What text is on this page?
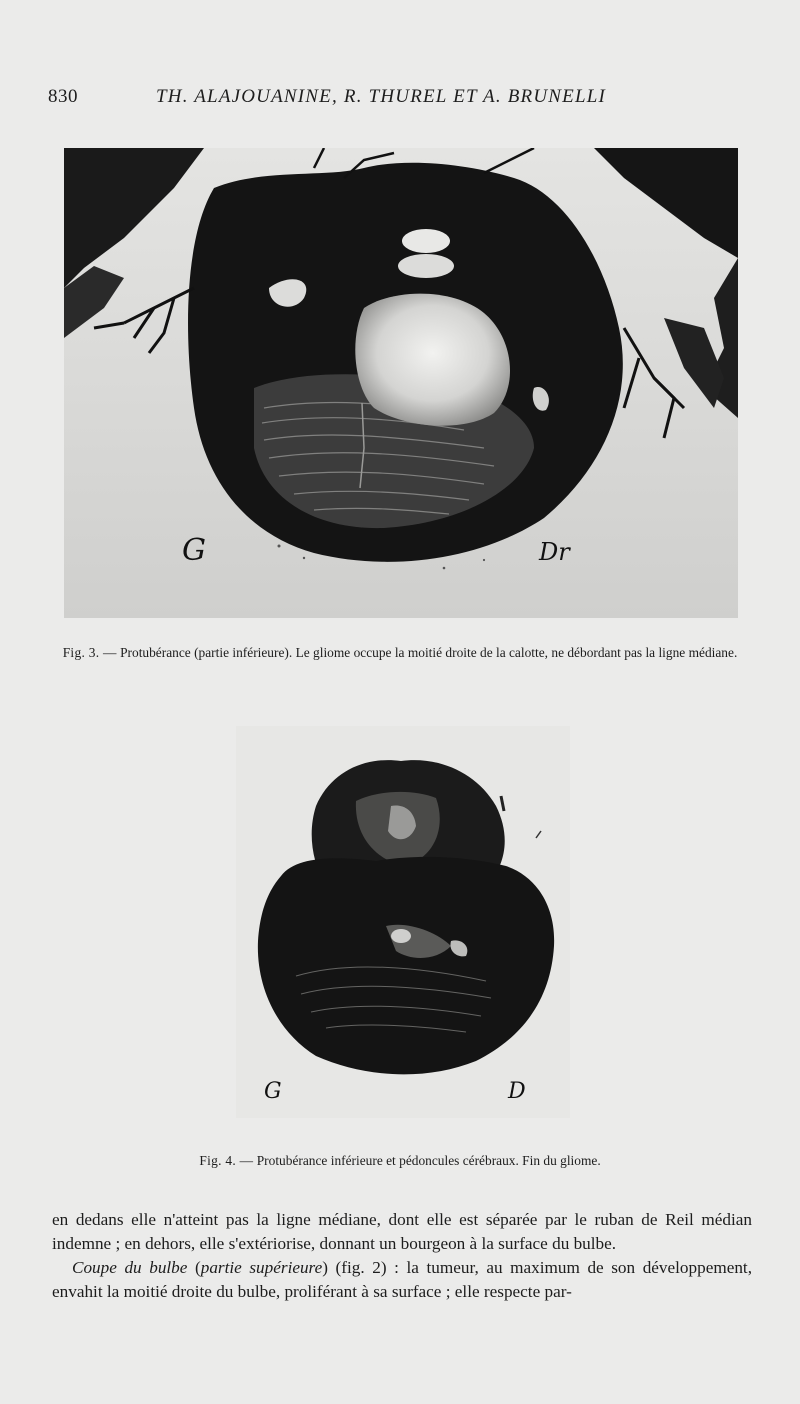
830	TH. ALAJOUANINE, R. THUREL ET A. BRUNELLI
G	Dr
Fig. 3. — Protubérance (partie inférieure). Le gliome occupe la moitié droite de la calotte, ne débordant pas la ligne médiane.
G	D
Fig. 4. — Protubérance inférieure et pédoncules cérébraux. Fin du gliome.

en dedans elle n'atteint pas la ligne médiane, dont elle est séparée par le ruban de Reil médian indemne ; en dehors, elle s'extériorise, donnant un bourgeon à la surface du bulbe.

Coupe du bulbe (partie supérieure) (fig. 2) : la tumeur, au maximum de son développement, envahit la moitié droite du bulbe, proliférant à sa surface ; elle respecte par-
